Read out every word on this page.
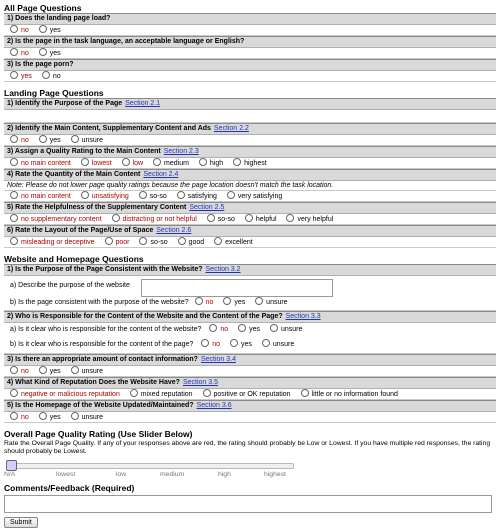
All Page Questions
1) Does the landing page load?
no	yes
2) Is the page in the task language, an acceptable language or English?
no	yes
3) Is the page porn?
yes	no
Landing Page Questions
1) Identify the Purpose of the Page Section 2.1
2) Identify the Main Content, Supplementary Content and Ads Section 2.2
no	yes	unsure
3) Assign a Quality Rating to the Main Content Section 2.3
no main content	lowest	low	medium	high	highest
4) Rate the Quantity of the Main Content Section 2.4
Note: Please do not lower page quality ratings because the page location doesn't match the task location.
no main content	unsatisfying	so-so	satisfying	very satisfying
5) Rate the Helpfulness of the Supplementary Content Section 2.5
no supplementary content	distracting or not helpful	so-so	helpful	very helpful
6) Rate the Layout of the Page/Use of Space Section 2.6
misleading or deceptive	poor	so-so	good	excellent
Website and Homepage Questions
1) Is the Purpose of the Page Consistent with the Website? Section 3.2
a) Describe the purpose of the website
b) Is the page consistent with the purpose of the website? no	yes	unsure
2) Who is Responsible for the Content of the Website and the Content of the Page? Section 3.3
a) Is it clear who is responsible for the content of the website?	no	yes	unsure
b) Is it clear who is responsible for the content of the page?	no	yes	unsure
3) Is there an appropriate amount of contact information? Section 3.4
no	yes	unsure
4) What Kind of Reputation Does the Website Have? Section 3.5
negative or malicious reputation	mixed reputation	positive or OK reputation	little or no information found
5) Is the Homepage of the Website Updated/Maintained? Section 3.6
no	yes	unsure
Overall Page Quality Rating (Use Slider Below)
Rate the Overall Page Quality. If any of your responses above are red, the rating should probably be Low or Lowest. If you have multiple red responses, the rating should probably be Lowest.
N/A	lowest	low	medium	high	highest
Comments/Feedback (Required)
Submit
